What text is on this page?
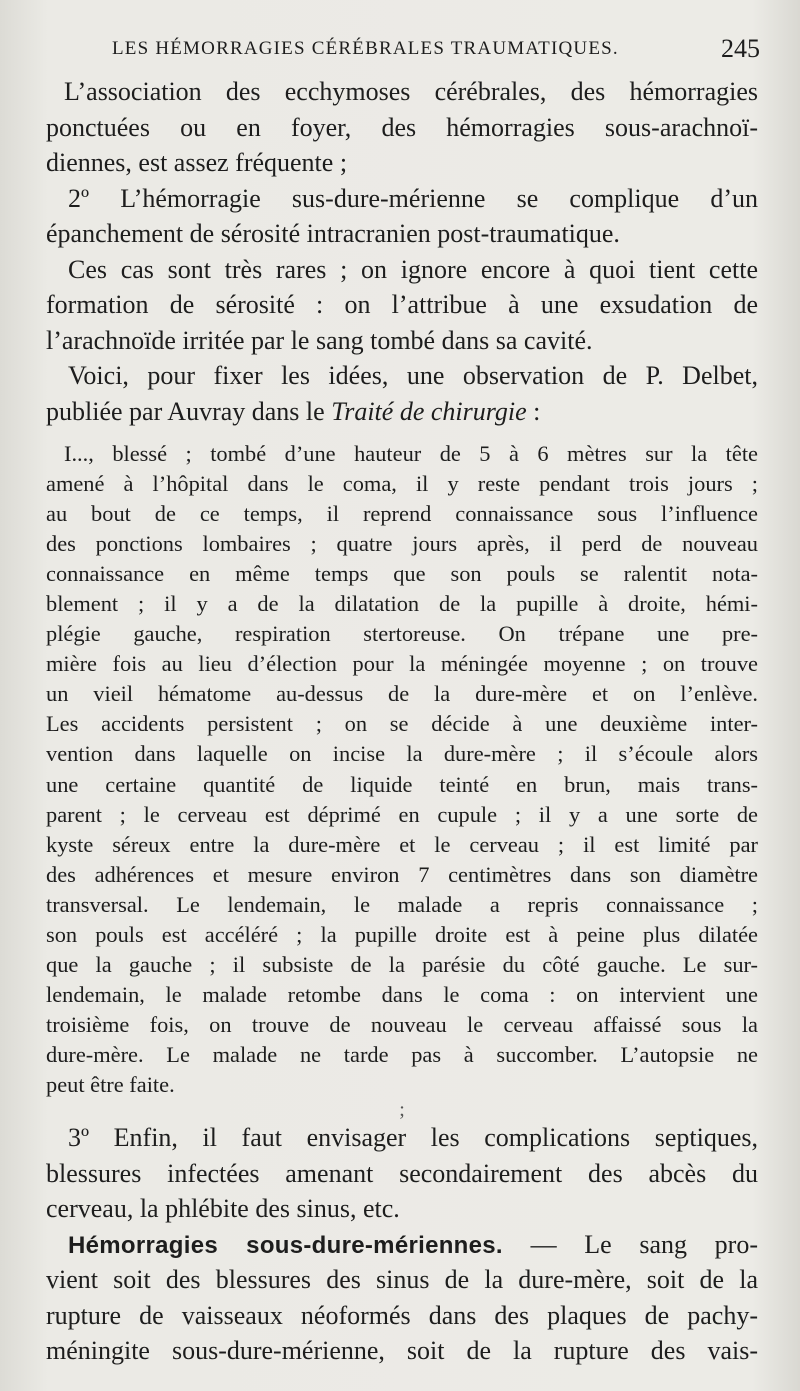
LES HÉMORRAGIES CÉRÉBRALES TRAUMATIQUES.	245
L’association des ecchymoses cérébrales, des hémorragies
ponctuées ou en foyer, des hémorragies sous-arachnoï-
diennes, est assez fréquente ;
2º L’hémorragie sus-dure-mérienne se complique d’un
épanchement de sérosité intracranien post-traumatique.
Ces cas sont très rares ; on ignore encore à quoi tient cette
formation de sérosité : on l’attribue à une exsudation de
l’arachnoïde irritée par le sang tombé dans sa cavité.
Voici, pour fixer les idées, une observation de P. Delbet,
publiée par Auvray dans le Traité de chirurgie :
I..., blessé ; tombé d’une hauteur de 5 à 6 mètres sur la tête
amené à l’hôpital dans le coma, il y reste pendant trois jours ;
au bout de ce temps, il reprend connaissance sous l’influence
des ponctions lombaires ; quatre jours après, il perd de nouveau
connaissance en même temps que son pouls se ralentit nota-
blement ; il y a de la dilatation de la pupille à droite, hémi-
plégie gauche, respiration stertoreuse. On trépane une pre-
mière fois au lieu d’élection pour la méningée moyenne ; on trouve
un vieil hématome au-dessus de la dure-mère et on l’enlève.
Les accidents persistent ; on se décide à une deuxième inter-
vention dans laquelle on incise la dure-mère ; il s’écoule alors
une certaine quantité de liquide teinté en brun, mais trans-
parent ; le cerveau est déprimé en cupule ; il y a une sorte de
kyste séreux entre la dure-mère et le cerveau ; il est limité par
des adhérences et mesure environ 7 centimètres dans son diamètre
transversal. Le lendemain, le malade a repris connaissance ;
son pouls est accéléré ; la pupille droite est à peine plus dilatée
que la gauche ; il subsiste de la parésie du côté gauche. Le sur-
lendemain, le malade retombe dans le coma : on intervient une
troisième fois, on trouve de nouveau le cerveau affaissé sous la
dure-mère. Le malade ne tarde pas à succomber. L’autopsie ne
peut être faite.
;
3º Enfin, il faut envisager les complications septiques,
blessures infectées amenant secondairement des abcès du
cerveau, la phlébite des sinus, etc.
Hémorragies sous-dure-mériennes. — Le sang pro-
vient soit des blessures des sinus de la dure-mère, soit de la
rupture de vaisseaux néoformés dans des plaques de pachy-
méningite sous-dure-mérienne, soit de la rupture des vais-
